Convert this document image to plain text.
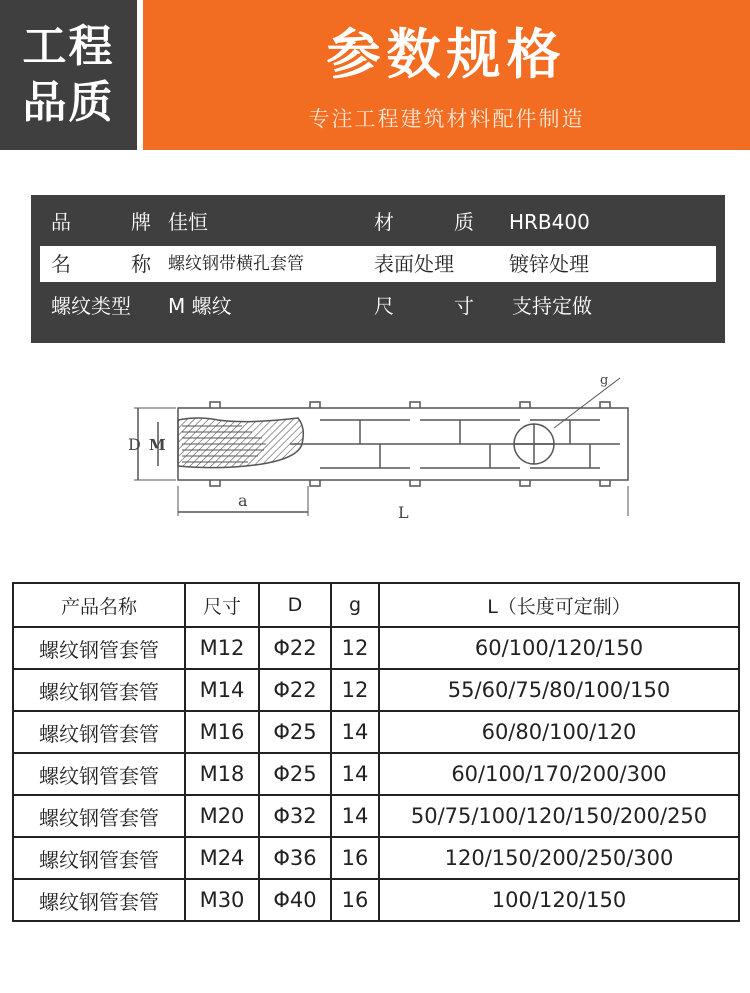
工程
品质
参数规格
专注工程建筑材料配件制造
品	牌 佳恒	材	质 HRB400
名	称 螺纹钢带横孔套管	表面处理	镀锌处理
螺纹类型 M 螺纹	尺	寸 支持定做
D M
a
L
g
产品名称	尺寸	D	g	L（长度可定制）
螺纹钢管套管	M12	Φ22	12	60/100/120/150
螺纹钢管套管	M14	Φ22	12	55/60/75/80/100/150
螺纹钢管套管	M16	Φ25	14	60/80/100/120
螺纹钢管套管	M18	Φ25	14	60/100/170/200/300
螺纹钢管套管	M20	Φ32	14	50/75/100/120/150/200/250
螺纹钢管套管	M24	Φ36	16	120/150/200/250/300
螺纹钢管套管	M30	Φ40	16	100/120/150
